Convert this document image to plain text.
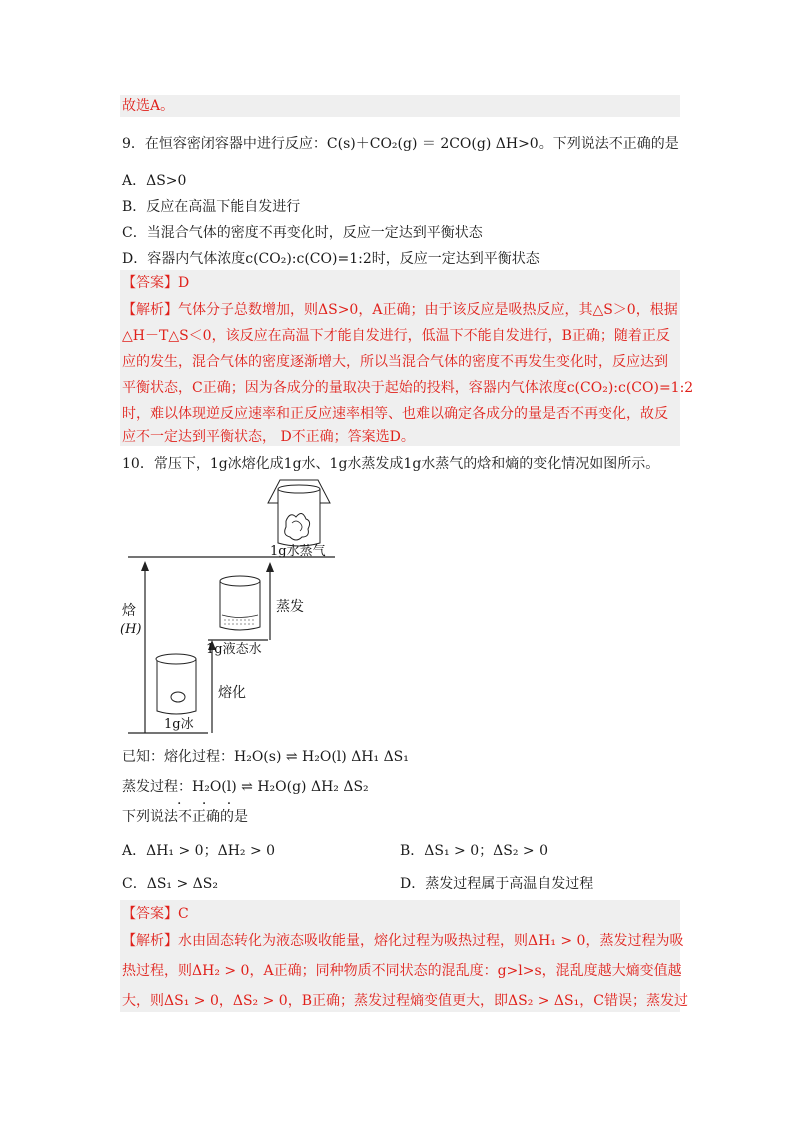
故选A。
9．在恒容密闭容器中进行反应：C(s)＋CO₂(g) ＝ 2CO(g) ΔH>0。下列说法不正确的是
A．ΔS>0
B．反应在高温下能自发进行
C．当混合气体的密度不再变化时，反应一定达到平衡状态
D．容器内气体浓度c(CO₂):c(CO)=1:2时，反应一定达到平衡状态
【答案】D
【解析】气体分子总数增加，则ΔS>0，A正确；由于该反应是吸热反应，其△S＞0，根据
△H－T△S＜0，该反应在高温下才能自发进行，低温下不能自发进行，B正确；随着正反
应的发生，混合气体的密度逐渐增大，所以当混合气体的密度不再发生变化时，反应达到
平衡状态，C正确；因为各成分的量取决于起始的投料，容器内气体浓度c(CO₂):c(CO)=1:2
时，难以体现逆反应速率和正反应速率相等、也难以确定各成分的量是否不再变化，故反
应不一定达到平衡状态， D不正确；答案选D。
10．常压下，1g冰熔化成1g水、1g水蒸发成1g水蒸气的焓和熵的变化情况如图所示。
1g水蒸气
1g液态水
1g冰
焓
(H)
蒸发
熔化
已知：熔化过程：H₂O(s) ⇌ H₂O(l) ΔH₁ ΔS₁
蒸发过程：H₂O(l) ⇌ H₂O(g) ΔH₂ ΔS₂
下列说法不正确的是
· · ·
A．ΔH₁ > 0；ΔH₂ > 0	B．ΔS₁ > 0；ΔS₂ > 0
C．ΔS₁ > ΔS₂	D．蒸发过程属于高温自发过程
【答案】C
【解析】水由固态转化为液态吸收能量，熔化过程为吸热过程，则ΔH₁ > 0，蒸发过程为吸
热过程，则ΔH₂ > 0，A正确；同种物质不同状态的混乱度：g>l>s，混乱度越大熵变值越
大，则ΔS₁ > 0，ΔS₂ > 0，B正确；蒸发过程熵变值更大，即ΔS₂ > ΔS₁，C错误；蒸发过
